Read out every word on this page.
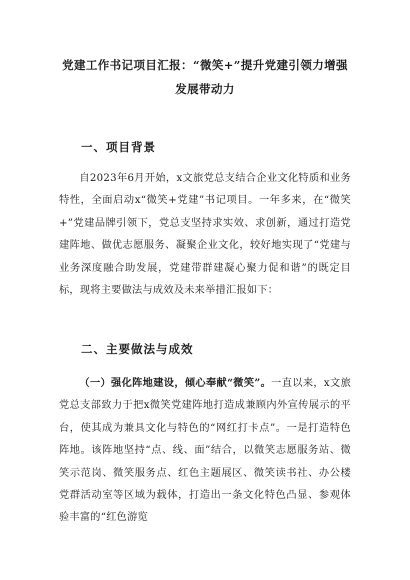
党建工作书记项目汇报：“微笑+”提升党建引领力增强发展带动力
一、项目背景

自2023年6月开始，x文旅党总支结合企业文化特质和业务特性，全面启动x“微笑+党建”书记项目。一年多来，在“微笑+”党建品牌引领下，党总支坚持求实效、求创新，通过打造党建阵地、做优志愿服务、凝聚企业文化，较好地实现了“党建与业务深度融合助发展，党建带群建凝心聚力促和谐”的既定目标，现将主要做法与成效及未来举措汇报如下：

二、主要做法与成效

（一）强化阵地建设，倾心奉献“微笑”。一直以来，x文旅党总支部致力于把x微笑党建阵地打造成兼顾内外宣传展示的平台，使其成为兼具文化与特色的“网红打卡点”。一是打造特色阵地。该阵地坚持“点、线、面”结合，以微笑志愿服务站、微笑示范岗、微笑服务点、红色主题展区、微笑读书社、办公楼党群活动室等区域为载体，打造出一条文化特色凸显、参观体验丰富的“红色游览
